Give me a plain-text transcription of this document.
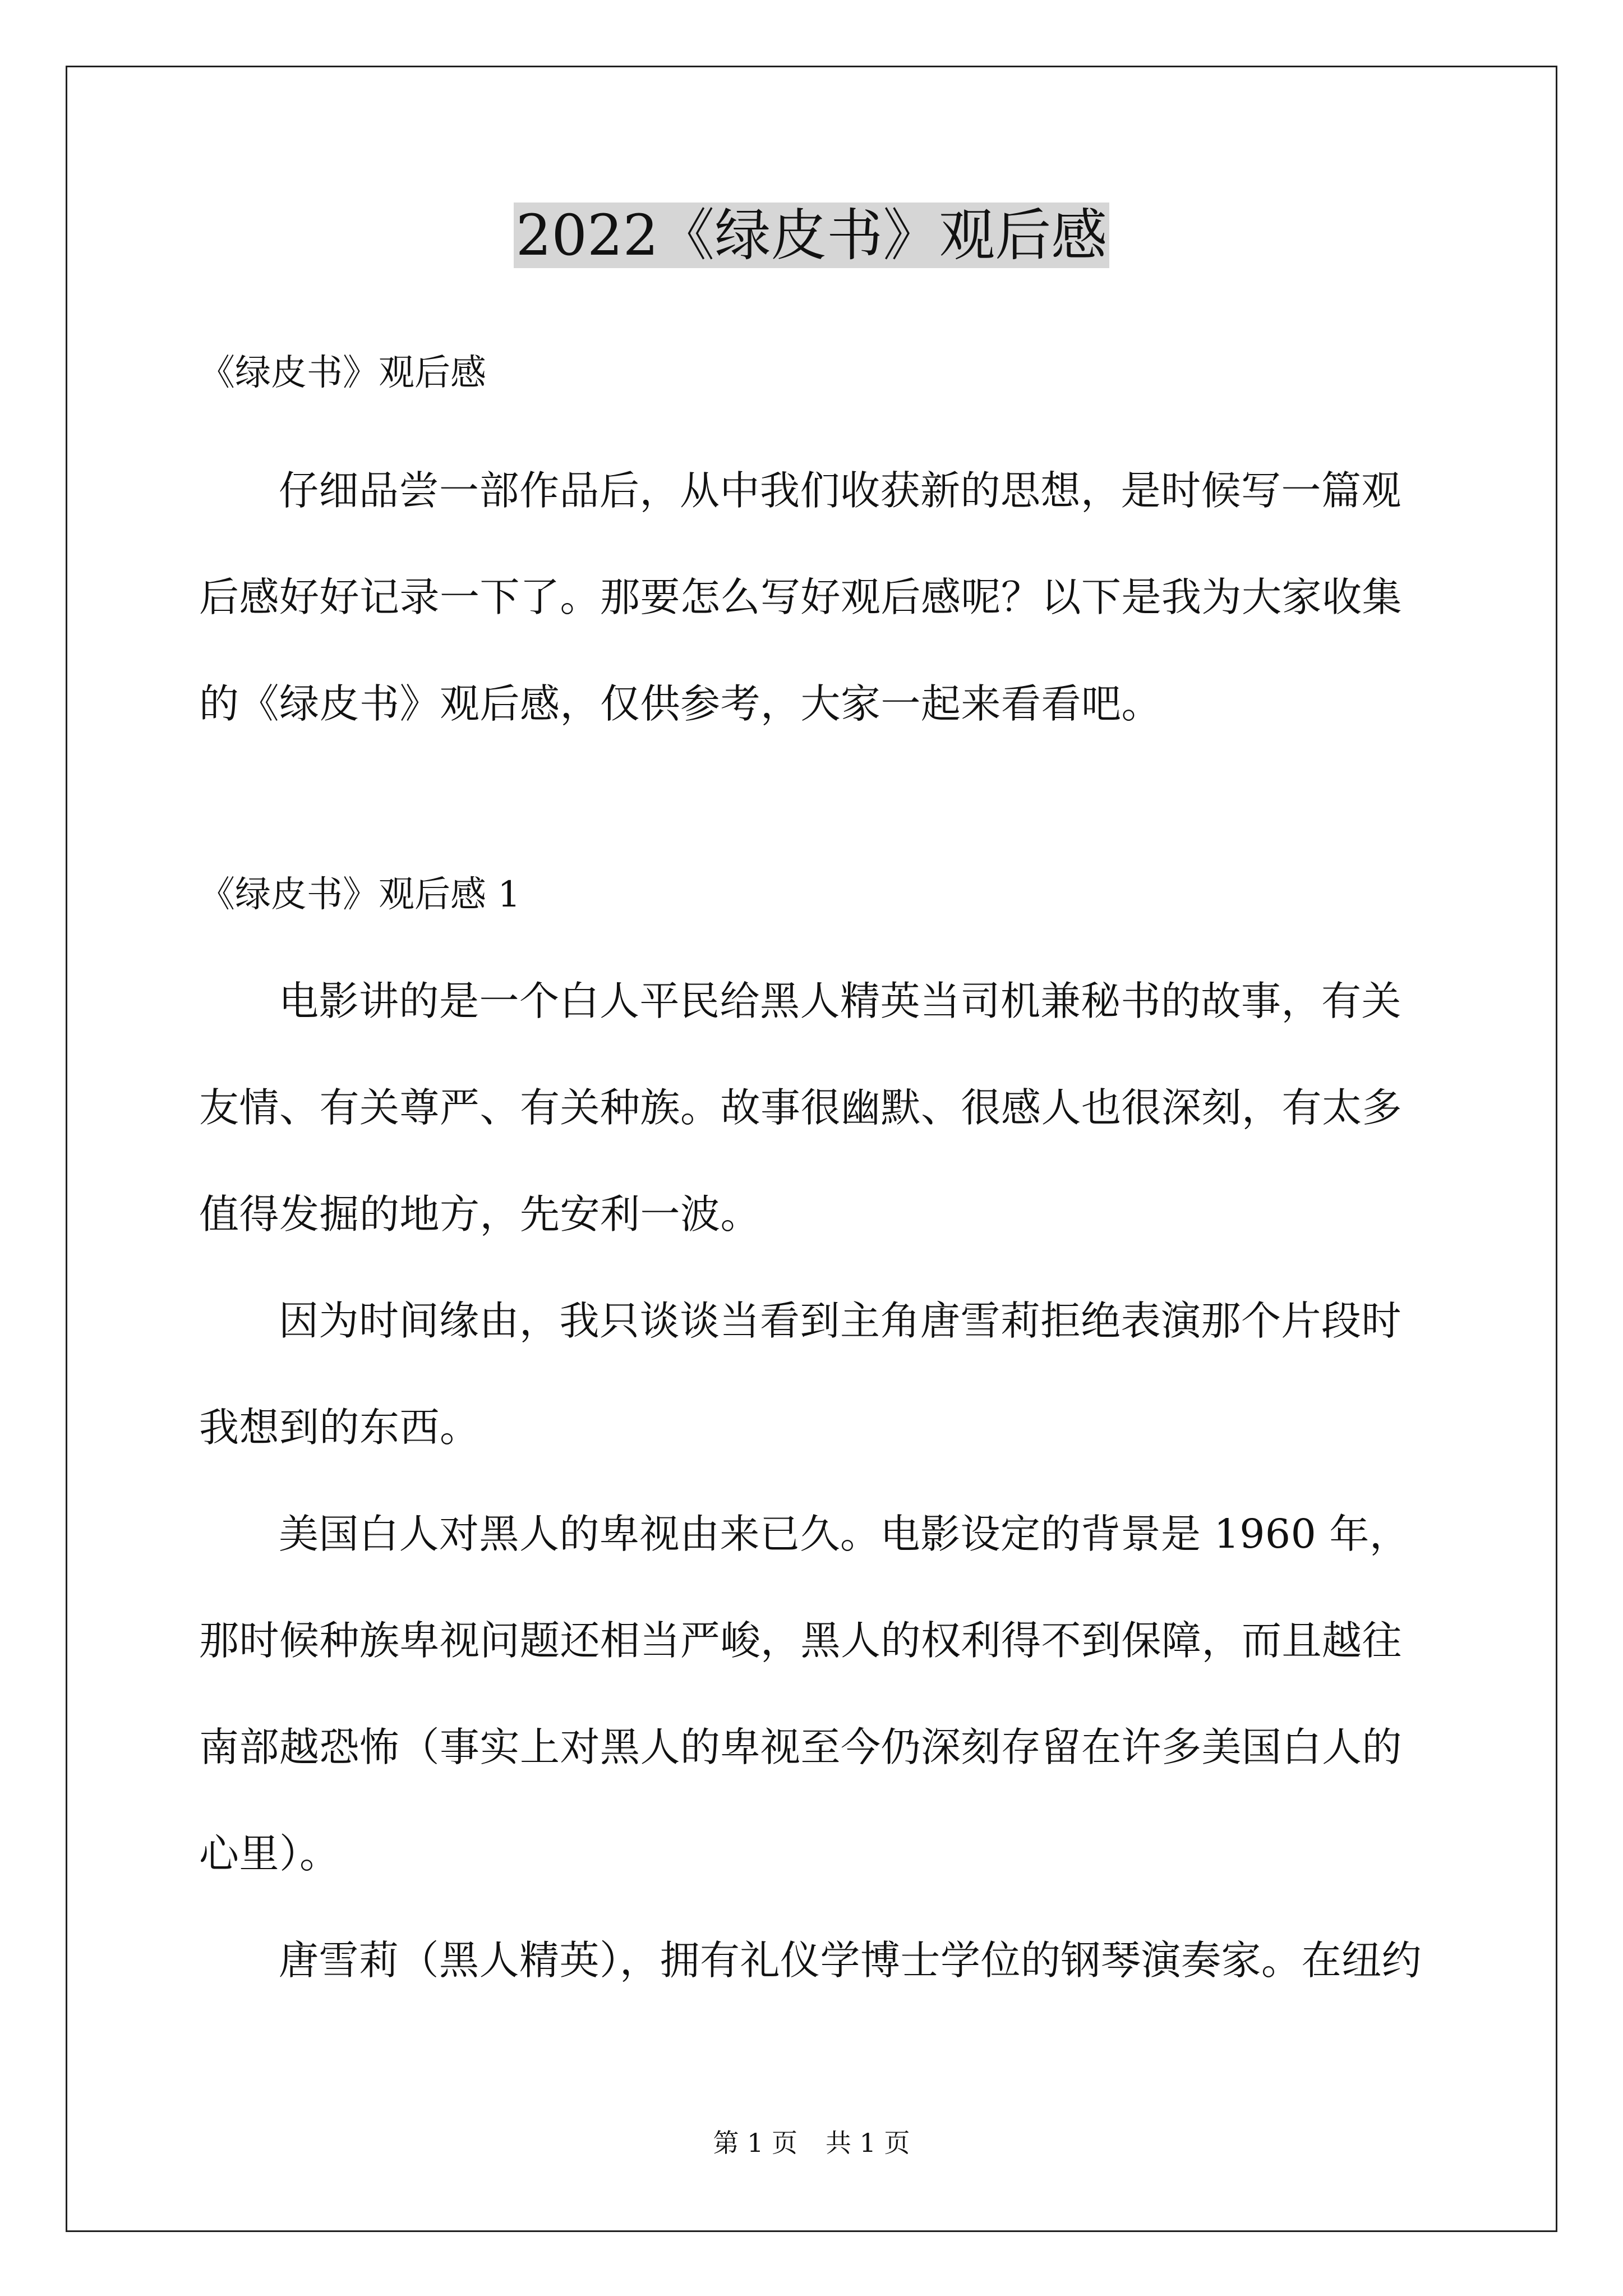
2022《绿皮书》观后感

《绿皮书》观后感

仔细品尝一部作品后，从中我们收获新的思想，是时候写一篇观后感好好记录一下了。那要怎么写好观后感呢？以下是我为大家收集的《绿皮书》观后感，仅供参考，大家一起来看看吧。

《绿皮书》观后感 1

电影讲的是一个白人平民给黑人精英当司机兼秘书的故事，有关友情、有关尊严、有关种族。故事很幽默、很感人也很深刻，有太多值得发掘的地方，先安利一波。

因为时间缘由，我只谈谈当看到主角唐雪莉拒绝表演那个片段时我想到的东西。

美国白人对黑人的卑视由来已久。电影设定的背景是 1960 年，那时候种族卑视问题还相当严峻，黑人的权利得不到保障，而且越往南部越恐怖（事实上对黑人的卑视至今仍深刻存留在许多美国白人的心里）。

唐雪莉（黑人精英），拥有礼仪学博士学位的钢琴演奏家。在纽约

第 1 页 共 1 页
